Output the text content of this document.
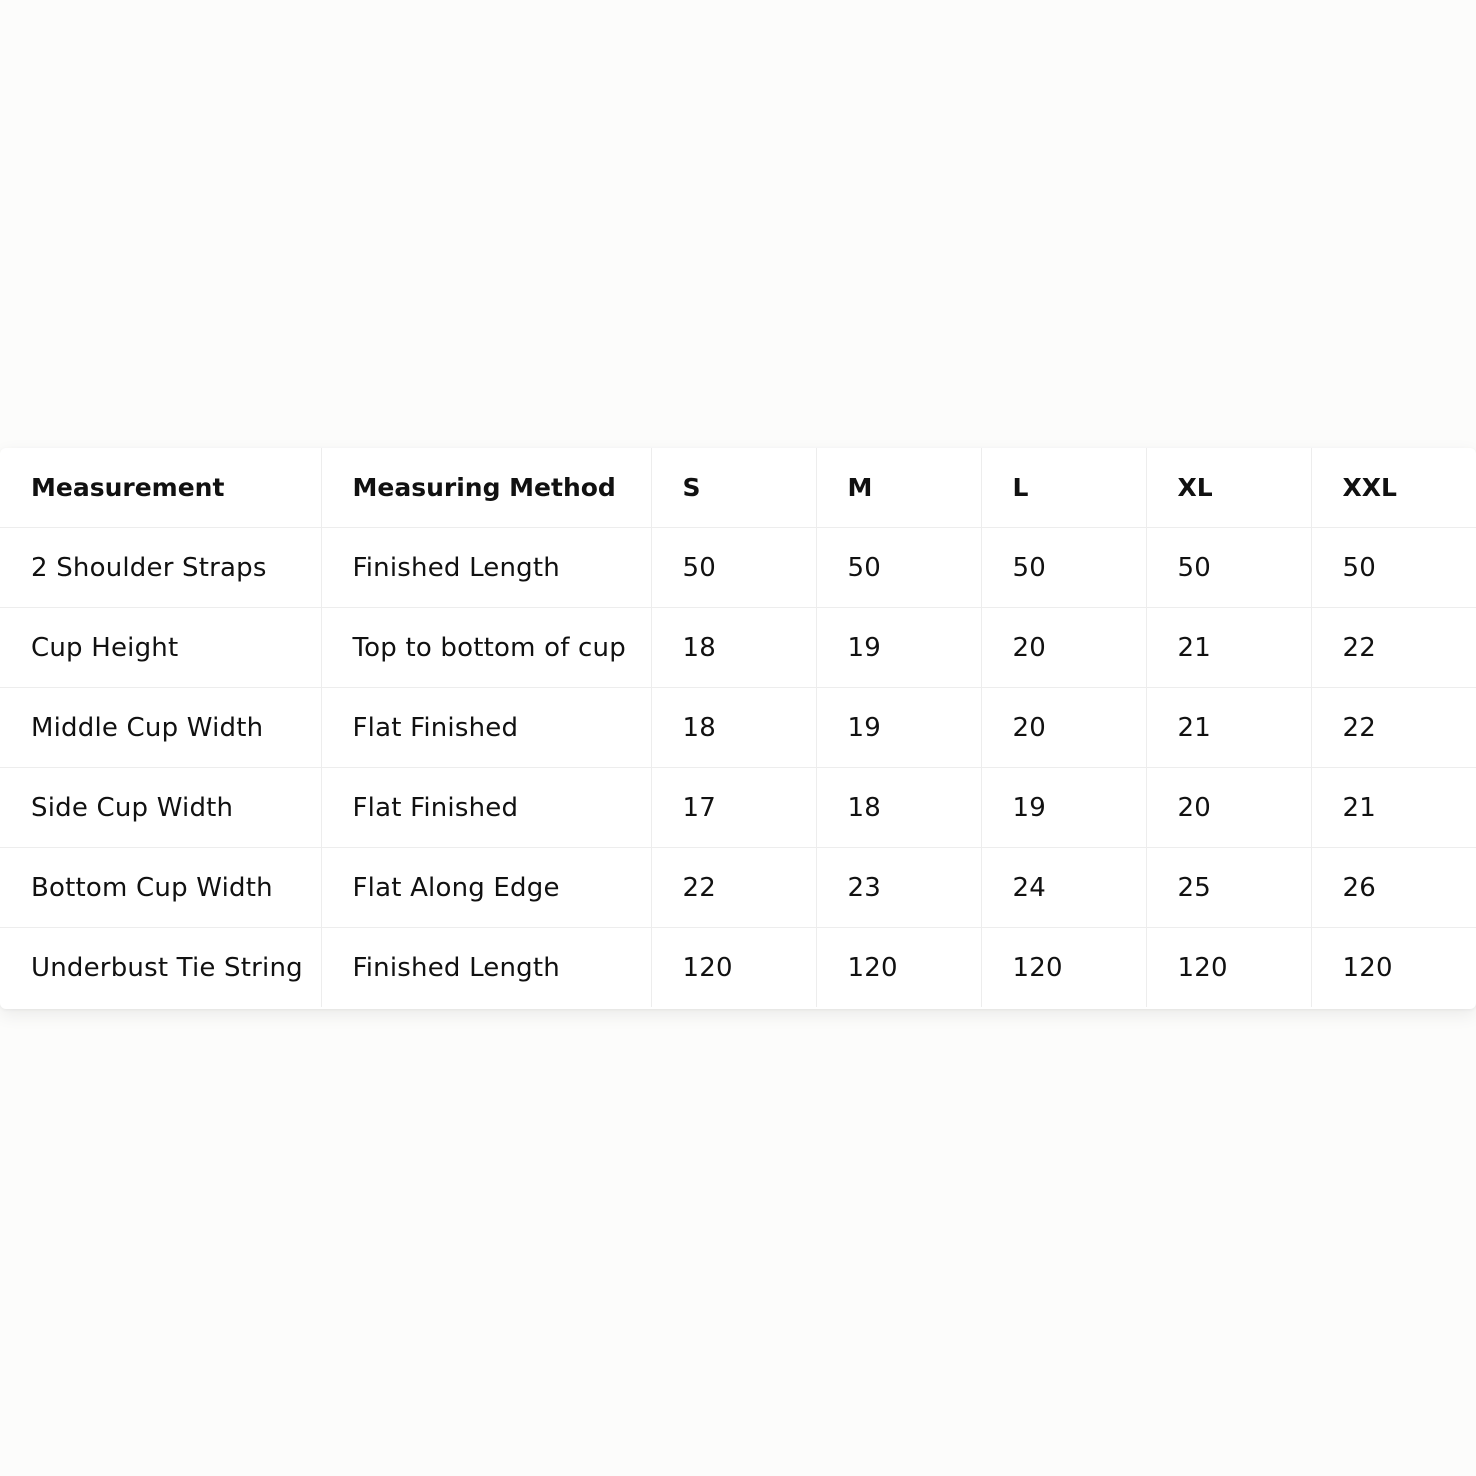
Measurement	Measuring Method	S	M	L	XL	XXL
2 Shoulder Straps	Finished Length	50	50	50	50	50
Cup Height	Top to bottom of cup	18	19	20	21	22
Middle Cup Width	Flat Finished	18	19	20	21	22
Side Cup Width	Flat Finished	17	18	19	20	21
Bottom Cup Width	Flat Along Edge	22	23	24	25	26
Underbust Tie String	Finished Length	120	120	120	120	120
